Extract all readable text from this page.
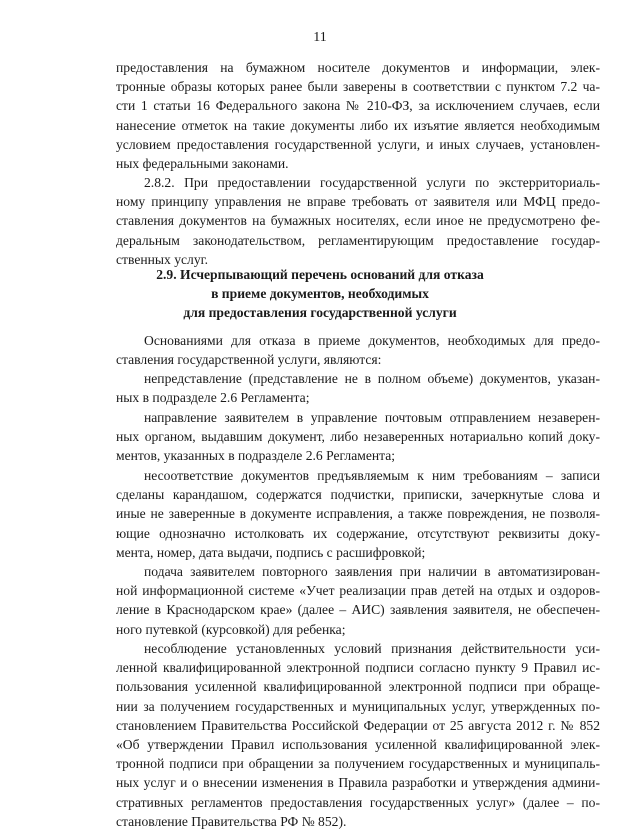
11
предоставления на бумажном носителе документов и информации, элек-
тронные образы которых ранее были заверены в соответствии с пунктом 7.2 ча-
сти 1 статьи 16 Федерального закона № 210-ФЗ, за исключением случаев, если
нанесение отметок на такие документы либо их изъятие является необходимым
условием предоставления государственной услуги, и иных случаев, установлен-
ных федеральными законами.
2.8.2. При предоставлении государственной услуги по экстерриториаль-
ному принципу управления не вправе требовать от заявителя или МФЦ предо-
ставления документов на бумажных носителях, если иное не предусмотрено фе-
деральным законодательством, регламентирующим предоставление государ-
ственных услуг.
2.9. Исчерпывающий перечень оснований для отказа
в приеме документов, необходимых
для предоставления государственной услуги
Основаниями для отказа в приеме документов, необходимых для предо-
ставления государственной услуги, являются:
непредставление (представление не в полном объеме) документов, указан-
ных в подразделе 2.6 Регламента;
направление заявителем в управление почтовым отправлением незаверен-
ных органом, выдавшим документ, либо незаверенных нотариально копий доку-
ментов, указанных в подразделе 2.6 Регламента;
несоответствие документов предъявляемым к ним требованиям – записи
сделаны карандашом, содержатся подчистки, приписки, зачеркнутые слова и
иные не заверенные в документе исправления, а также повреждения, не позволя-
ющие однозначно истолковать их содержание, отсутствуют реквизиты доку-
мента, номер, дата выдачи, подпись с расшифровкой;
подача заявителем повторного заявления при наличии в автоматизирован-
ной информационной системе «Учет реализации прав детей на отдых и оздоров-
ление в Краснодарском крае» (далее – АИС) заявления заявителя, не обеспечен-
ного путевкой (курсовкой) для ребенка;
несоблюдение установленных условий признания действительности уси-
ленной квалифицированной электронной подписи согласно пункту 9 Правил ис-
пользования усиленной квалифицированной электронной подписи при обраще-
нии за получением государственных и муниципальных услуг, утвержденных по-
становлением Правительства Российской Федерации от 25 августа 2012 г. № 852
«Об утверждении Правил использования усиленной квалифицированной элек-
тронной подписи при обращении за получением государственных и муниципаль-
ных услуг и о внесении изменения в Правила разработки и утверждения админи-
стративных регламентов предоставления государственных услуг» (далее – по-
становление Правительства РФ № 852).
